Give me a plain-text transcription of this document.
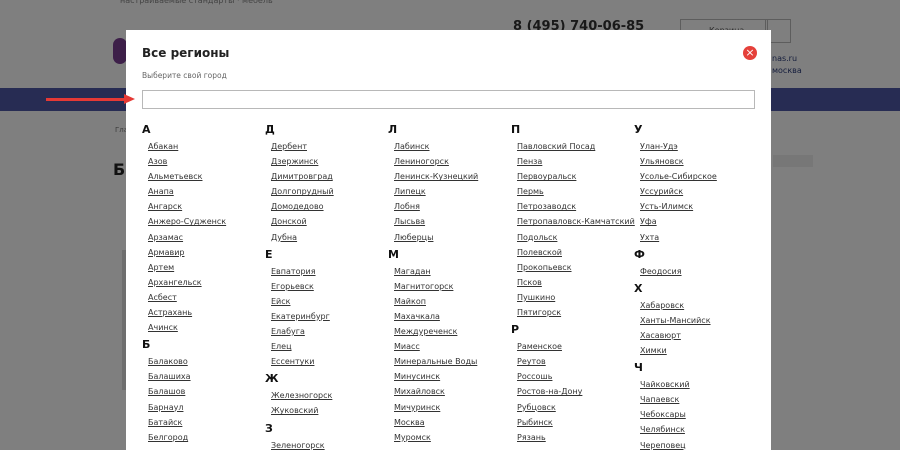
Все регионы	×
Выберите свой город
А
Абакан
Азов
Альметьевск
Анапа
Ангарск
Анжеро-Судженск
Арзамас
Армавир
Артем
Архангельск
Асбест
Астрахань
Ачинск
Б
Балаково
Балашиха
Балашов
Барнаул
Батайск
Белгород
Д
Дербент
Дзержинск
Димитровград
Долгопрудный
Домодедово
Донской
Дубна
Е
Евпатория
Егорьевск
Ейск
Екатеринбург
Елабуга
Елец
Ессентуки
Ж
Железногорск
Жуковский
З
Зеленогорск
Л
Лабинск
Лениногорск
Ленинск-Кузнецкий
Липецк
Лобня
Лысьва
Люберцы
М
Магадан
Магнитогорск
Майкоп
Махачкала
Междуреченск
Миасс
Минеральные Воды
Минусинск
Михайловск
Мичуринск
Москва
Муромск
П
Павловский Посад
Пенза
Первоуральск
Пермь
Петрозаводск
Петропавловск-Камчатский
Подольск
Полевской
Прокопьевск
Псков
Пушкино
Пятигорск
Р
Раменское
Реутов
Россошь
Ростов-на-Дону
Рубцовск
Рыбинск
Рязань
У
Улан-Удэ
Ульяновск
Усолье-Сибирское
Уссурийск
Усть-Илимск
Уфа
Ухта
Ф
Феодосия
Х
Хабаровск
Ханты-Мансийск
Хасавюрт
Химки
Ч
Чайковский
Чапаевск
Чебоксары
Челябинск
Череповец
